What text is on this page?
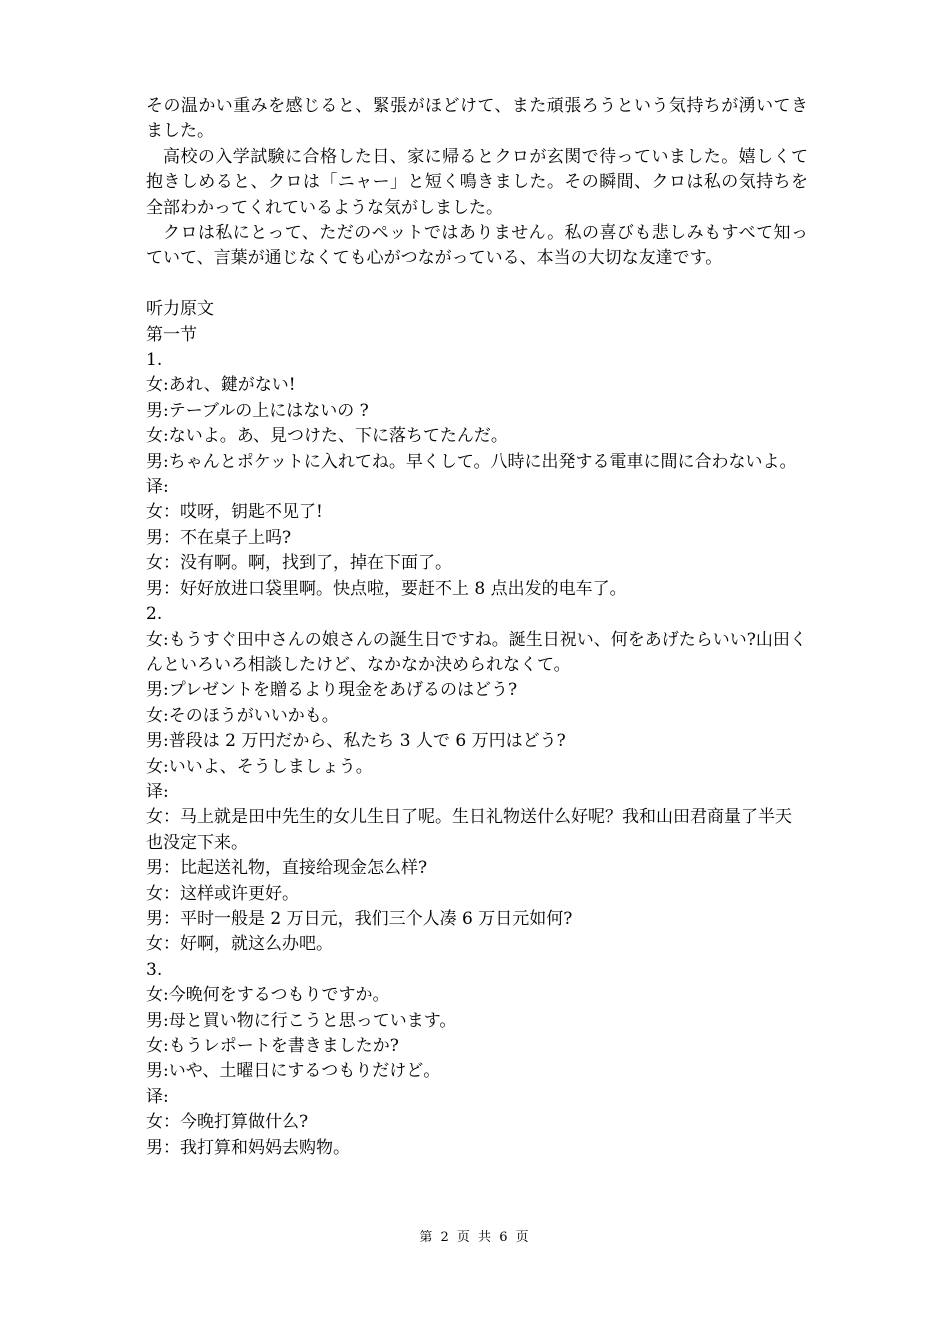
その温かい重みを感じると、緊張がほどけて、また頑張ろうという気持ちが湧いてきました。

高校の入学試験に合格した日、家に帰るとクロが玄関で待っていました。嬉しくて抱きしめると、クロは「ニャー」と短く鳴きました。その瞬間、クロは私の気持ちを全部わかってくれているような気がしました。

クロは私にとって、ただのペットではありません。私の喜びも悲しみもすべて知っていて、言葉が通じなくても心がつながっている、本当の大切な友達です。

听力原文

第一节

1.

女:あれ、鍵がない!

男:テーブルの上にはないの ?

女:ないよ。あ、見つけた、下に落ちてたんだ。

男:ちゃんとポケットに入れてね。早くして。八時に出発する電車に間に合わないよ。

译:

女：哎呀，钥匙不见了!

男：不在桌子上吗?

女：没有啊。啊，找到了，掉在下面了。

男：好好放进口袋里啊。快点啦，要赶不上 8 点出发的电车了。

2.

女:もうすぐ田中さんの娘さんの誕生日ですね。誕生日祝い、何をあげたらいい?山田くんといろいろ相談したけど、なかなか決められなくて。

男:プレゼントを贈るより現金をあげるのはどう?

女:そのほうがいいかも。

男:普段は 2 万円だから、私たち 3 人で 6 万円はどう?

女:いいよ、そうしましょう。

译:

女：马上就是田中先生的女儿生日了呢。生日礼物送什么好呢？我和山田君商量了半天也没定下来。

男：比起送礼物，直接给现金怎么样?

女：这样或许更好。

男：平时一般是 2 万日元，我们三个人凑 6 万日元如何?

女：好啊，就这么办吧。

3.

女:今晩何をするつもりですか。

男:母と買い物に行こうと思っています。

女:もうレポートを書きましたか?

男:いや、土曜日にするつもりだけど。

译:

女：今晚打算做什么?

男：我打算和妈妈去购物。

第 2 页 共 6 页
